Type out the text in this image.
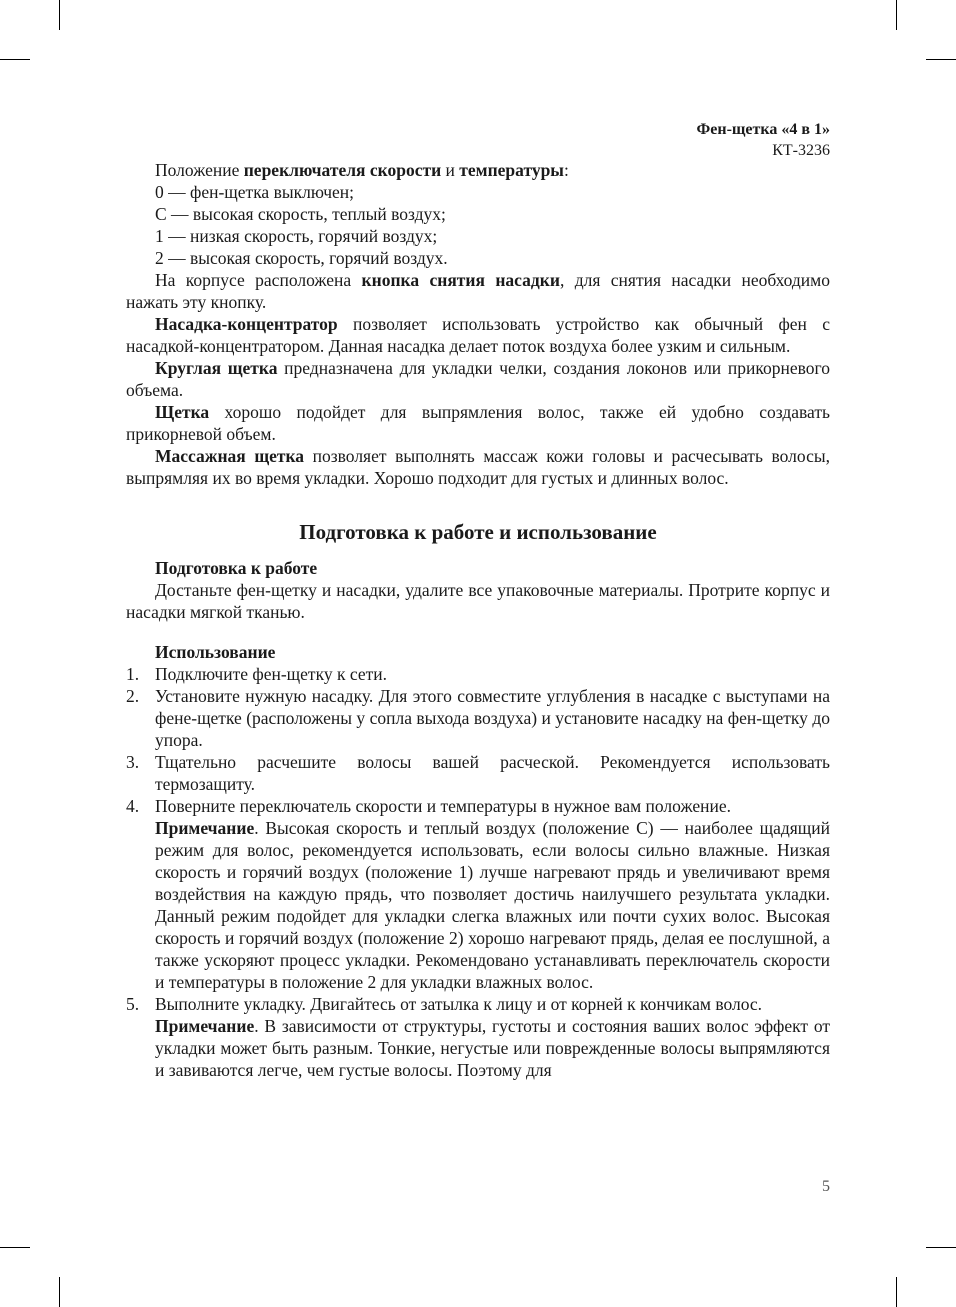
Фен-щетка «4 в 1»
КТ-3236

Положение переключателя скорости и температуры:

0 — фен-щетка выключен;

С — высокая скорость, теплый воздух;

1 — низкая скорость, горячий воздух;

2 — высокая скорость, горячий воздух.

На корпусе расположена кнопка снятия насадки, для снятия насадки необходимо нажать эту кнопку.

Насадка-концентратор позволяет использовать устройство как обычный фен с насадкой-концентратором. Данная насадка делает поток воздуха более узким и сильным.

Круглая щетка предназначена для укладки челки, создания локонов или прикорневого объема.

Щетка хорошо подойдет для выпрямления волос, также ей удобно создавать прикорневой объем.

Массажная щетка позволяет выполнять массаж кожи головы и расчесывать волосы, выпрямляя их во время укладки. Хорошо подходит для густых и длинных волос.

Подготовка к работе и использование
Подготовка к работе

Достаньте фен-щетку и насадки, удалите все упаковочные материалы. Протрите корпус и насадки мягкой тканью.

Использование
1. Подключите фен-щетку к сети.

2. Установите нужную насадку. Для этого совместите углубления в насадке с выступами на фене-щетке (расположены у сопла выхода воздуха) и установите насадку на фен-щетку до упора.

3. Тщательно расчешите волосы вашей расческой. Рекомендуется использовать термозащиту.

4. Поверните переключатель скорости и температуры в нужное вам положение.

Примечание. Высокая скорость и теплый воздух (положение С) — наиболее щадящий режим для волос, рекомендуется использовать, если волосы сильно влажные. Низкая скорость и горячий воздух (положение 1) лучше нагревают прядь и увеличивают время воздействия на каждую прядь, что позволяет достичь наилучшего результата укладки. Данный режим подойдет для укладки слегка влажных или почти сухих волос. Высокая скорость и горячий воздух (положение 2) хорошо нагревают прядь, делая ее послушной, а также ускоряют процесс укладки. Рекомендовано устанавливать переключатель скорости и температуры в положение 2 для укладки влажных волос.

5. Выполните укладку. Двигайтесь от затылка к лицу и от корней к кончикам волос.

Примечание. В зависимости от структуры, густоты и состояния ваших волос эффект от укладки может быть разным. Тонкие, негустые или поврежденные волосы выпрямляются и завиваются легче, чем густые волосы. Поэтому для

5
